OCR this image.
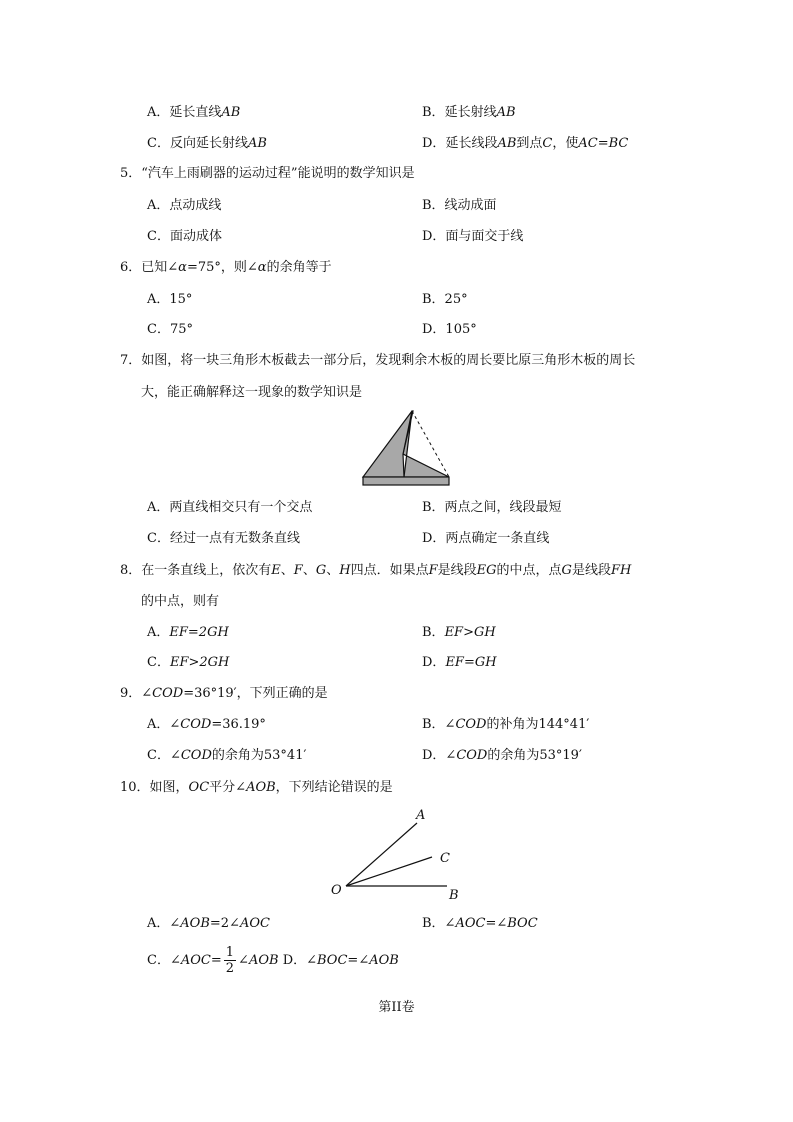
A．延长直线AB	B．延长射线AB
C．反向延长射线AB	D．延长线段AB到点C，使AC=BC
5．“汽车上雨刷器的运动过程”能说明的数学知识是
A．点动成线	B．线动成面
C．面动成体	D．面与面交于线
6．已知∠α=75°，则∠α的余角等于
A．15°	B．25°
C．75°	D．105°
7．如图，将一块三角形木板截去一部分后，发现剩余木板的周长要比原三角形木板的周长
大，能正确解释这一现象的数学知识是
A．两直线相交只有一个交点	B．两点之间，线段最短
C．经过一点有无数条直线	D．两点确定一条直线
8．在一条直线上，依次有E、F、G、H四点．如果点F是线段EG的中点，点G是线段FH
的中点，则有
A．EF=2GH	B．EF>GH
C．EF>2GH	D．EF=GH
9．∠COD=36°19′，下列正确的是
A．∠COD=36.19°	B．∠COD的补角为144°41′
C．∠COD的余角为53°41′	D．∠COD的余角为53°19′
10．如图，OC平分∠AOB，下列结论错误的是
A
C
O	B
A．∠AOB=2∠AOC	B．∠AOC=∠BOC
C．∠AOC= $\frac{1}{2}$ ∠AOB D．∠BOC=∠AOB
第II卷
